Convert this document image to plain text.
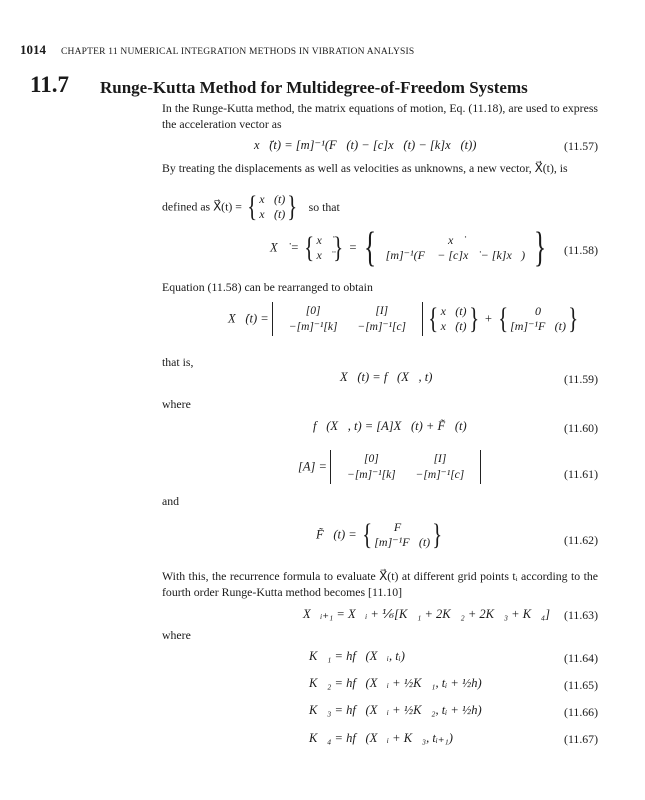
1014 CHAPTER 11 NUMERICAL INTEGRATION METHODS IN VIBRATION ANALYSIS
11.7 Runge-Kutta Method for Multidegree-of-Freedom Systems
In the Runge-Kutta method, the matrix equations of motion, Eq. (11.18), are used to express the acceleration vector as
x⃗̈(t) = [m]⁻¹(F⃗(t) − [c]x⃗̇(t) − [k]x⃗(t))	(11.57)
By treating the displacements as well as velocities as unknowns, a new vector, X⃗(t), is
defined as X⃗(t) = { x⃗(t)
x⃗̇(t)} so that
X⃗̇ = { x⃗̇
x⃗̈} = {	x⃗̇
[m]⁻¹(F⃗ − [c]x⃗̇ − [k]x⃗) }	(11.58)
Equation (11.58) can be rearranged to obtain
X⃗̇(t) =
[0]	[I]
−[m]⁻¹[k]	−[m]⁻¹[c] { x⃗(t)
x⃗̇(t)} + { 0
[m]⁻¹F⃗(t)}
that is,
X⃗̇(t) = f⃗(X⃗, t)	(11.59)
where
f⃗(X⃗, t) = [A]X⃗(t) + F̃⃗(t)	(11.60)
[A] =
[0]	[I]
−[m]⁻¹[k]	−[m]⁻¹[c]	(11.61)
and
F̃⃗(t) = { F⃗
[m]⁻¹F⃗(t)}	(11.62)
With this, the recurrence formula to evaluate X⃗(t) at different grid points tᵢ according to the fourth order Runge-Kutta method becomes [11.10]
X⃗ᵢ₊₁ = X⃗ᵢ + ⅙[K⃗₁ + 2K⃗₂ + 2K⃗₃ + K⃗₄]	(11.63)
where
K⃗₁ = hf⃗(X⃗ᵢ, tᵢ)	(11.64)
K⃗₂ = hf⃗(X⃗ᵢ + ½K⃗₁, tᵢ + ½h)	(11.65)
K⃗₃ = hf⃗(X⃗ᵢ + ½K⃗₂, tᵢ + ½h)	(11.66)
K⃗₄ = hf⃗(X⃗ᵢ + K⃗₃, tᵢ₊₁)	(11.67)
